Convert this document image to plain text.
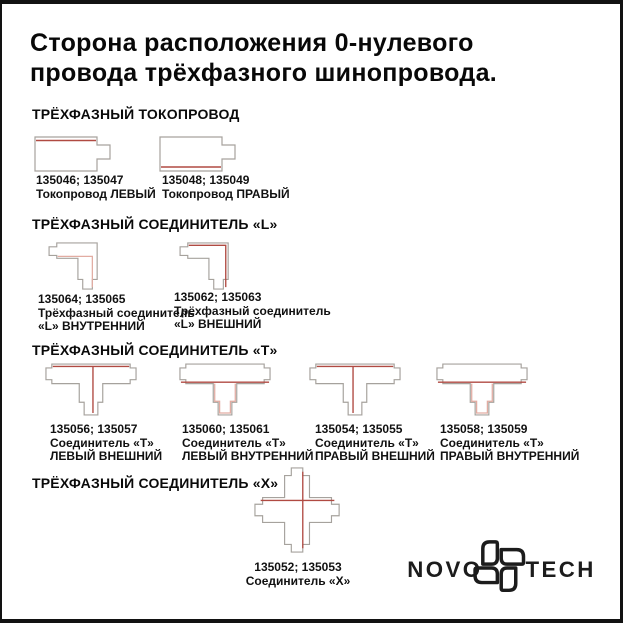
Сторона расположения 0-нулевого
провода трёхфазного шинопровода.
ТРЁХФАЗНЫЙ ТОКОПРОВОД
135046; 135047
Токопровод ЛЕВЫЙ
135048; 135049
Токопровод ПРАВЫЙ
ТРЁХФАЗНЫЙ СОЕДИНИТЕЛЬ «L»
135064; 135065
Трёхфазный соединитель
«L» ВНУТРЕННИЙ
135062; 135063
Трёхфазный соединитель
«L» ВНЕШНИЙ
ТРЁХФАЗНЫЙ СОЕДИНИТЕЛЬ «Т»
135056; 135057
Соединитель «Т»
ЛЕВЫЙ ВНЕШНИЙ
135060; 135061
Соединитель «Т»
ЛЕВЫЙ ВНУТРЕННИЙ
135054; 135055
Соединитель «Т»
ПРАВЫЙ ВНЕШНИЙ
135058; 135059
Соединитель «Т»
ПРАВЫЙ ВНУТРЕННИЙ
ТРЁХФАЗНЫЙ СОЕДИНИТЕЛЬ «Х»
135052; 135053
Соединитель «Х»	NOVO TECH
